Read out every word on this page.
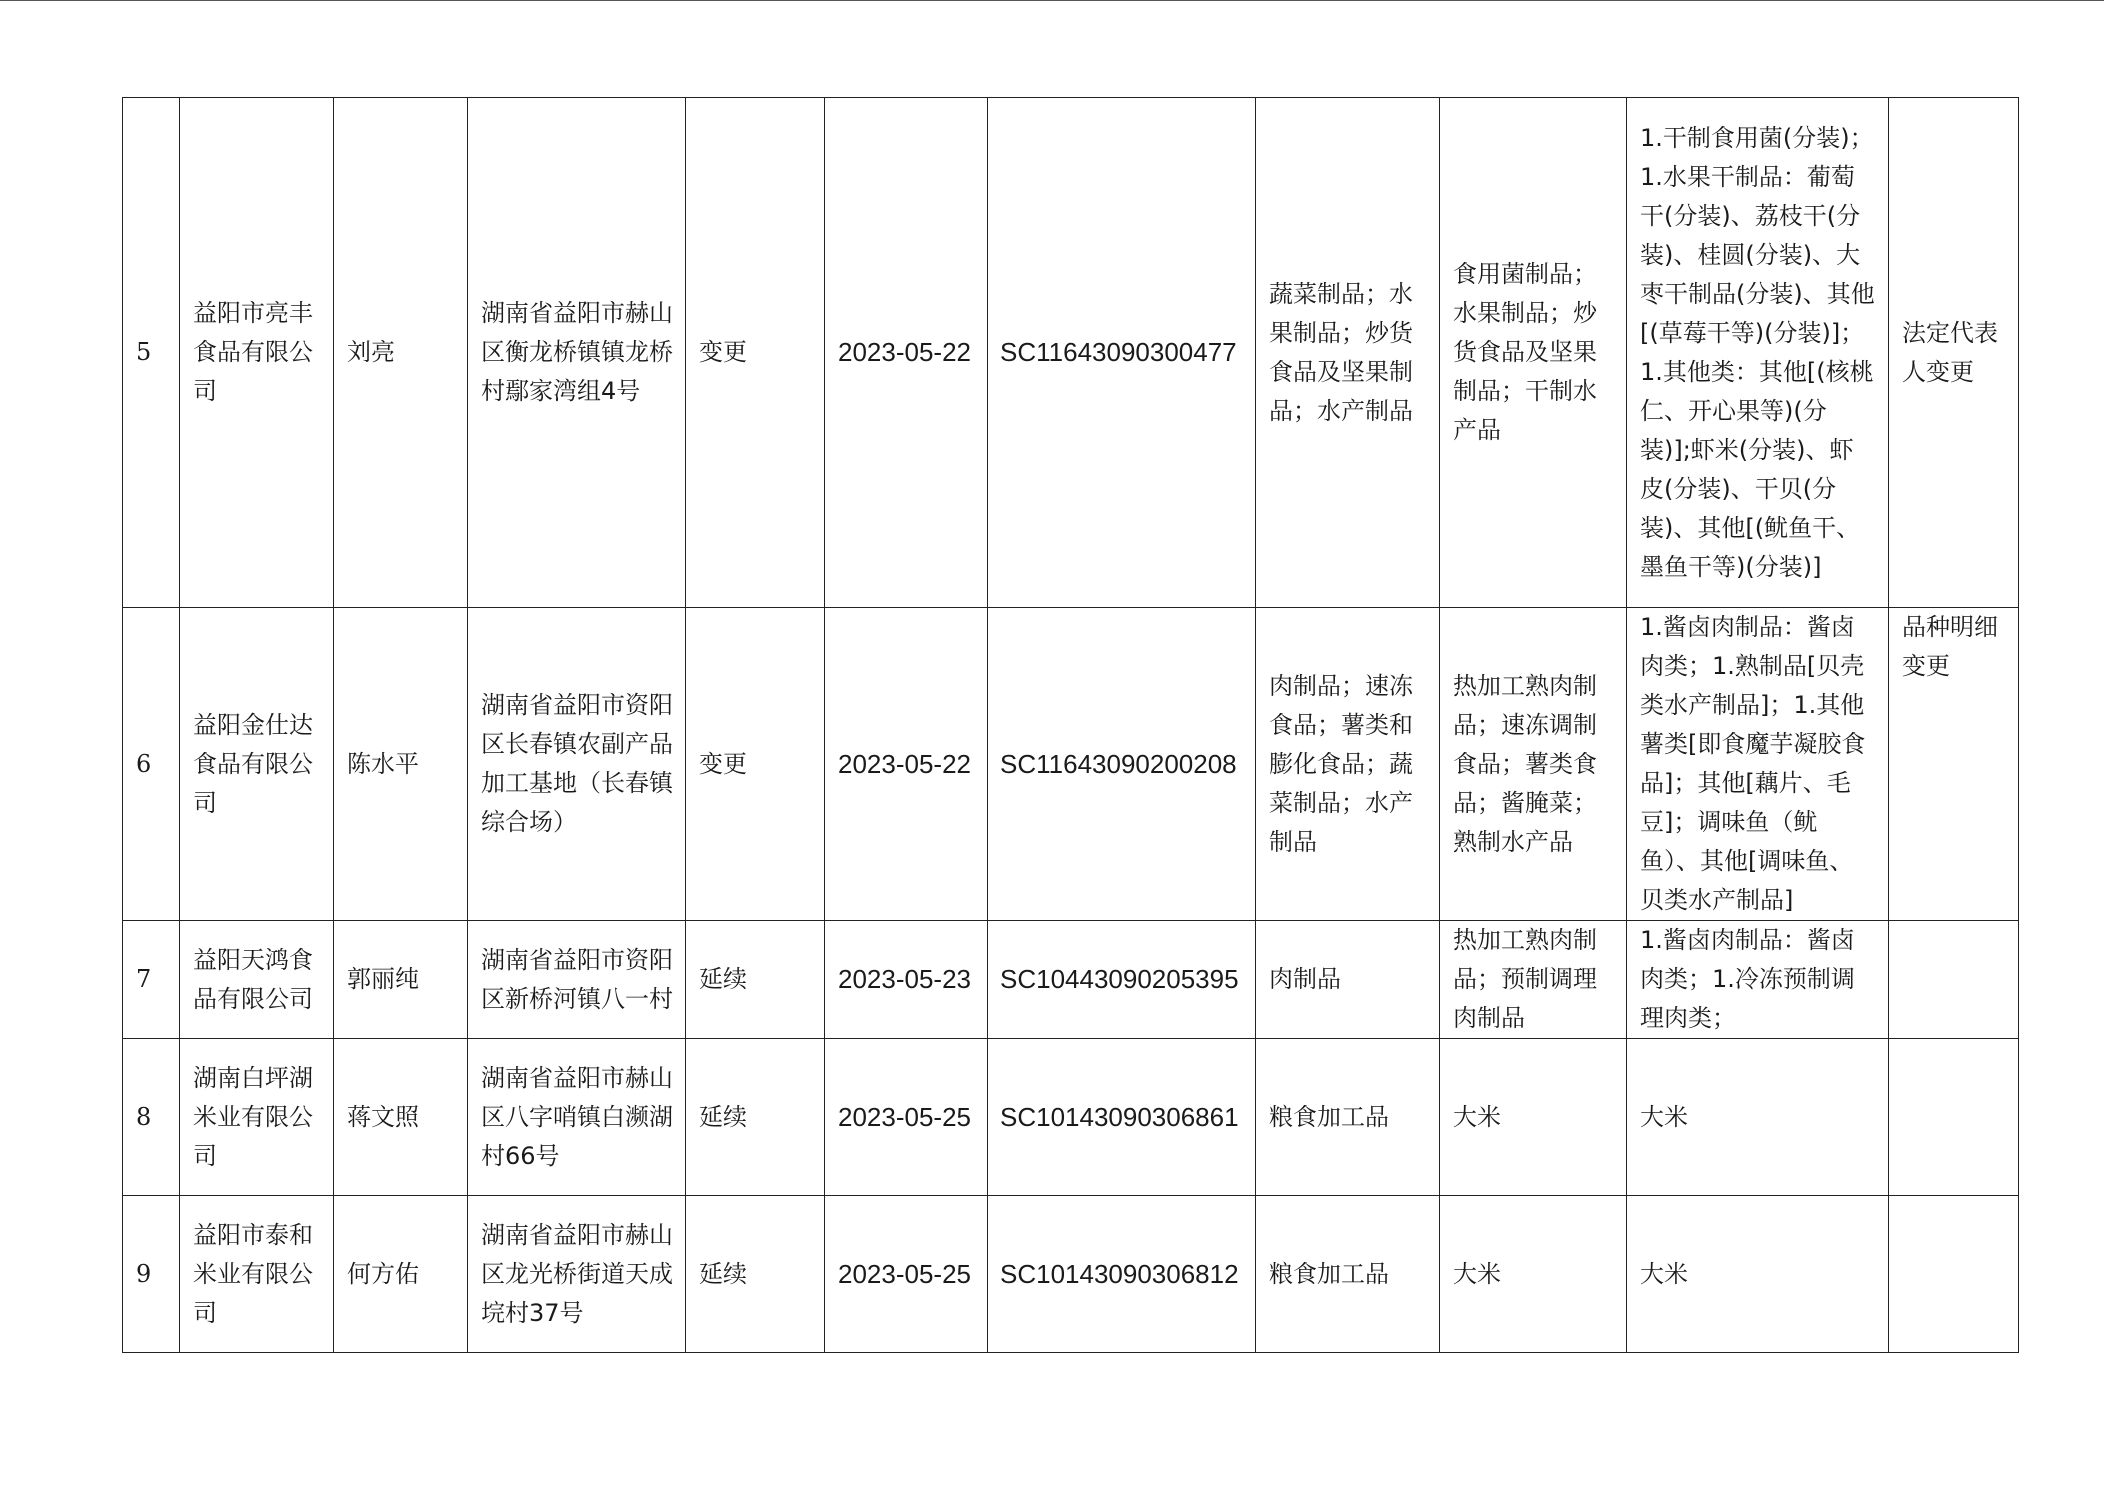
5	益阳市亮丰食品有限公司	刘亮	湖南省益阳市赫山区衡龙桥镇镇龙桥村鄢家湾组4号	变更	2023-05-22	SC11643090300477	蔬菜制品；水果制品；炒货食品及坚果制品；水产制品	食用菌制品；水果制品；炒货食品及坚果制品；干制水产品	1.干制食用菌(分装)；1.水果干制品：葡萄干(分装)、荔枝干(分装)、桂圆(分装)、大枣干制品(分装)、其他[(草莓干等)(分装)]；1.其他类：其他[(核桃仁、开心果等)(分装)];虾米(分装)、虾皮(分装)、干贝(分装)、其他[(鱿鱼干、墨鱼干等)(分装)]	法定代表人变更
6	益阳金仕达食品有限公司	陈水平	湖南省益阳市资阳区长春镇农副产品加工基地（长春镇综合场）	变更	2023-05-22	SC11643090200208	肉制品；速冻食品；薯类和膨化食品；蔬菜制品；水产制品	热加工熟肉制品；速冻调制食品；薯类食品；酱腌菜；熟制水产品	1.酱卤肉制品：酱卤肉类；1.熟制品[贝壳类水产制品]；1.其他薯类[即食魔芋凝胶食品]；其他[藕片、毛豆]；调味鱼（鱿鱼）、其他[调味鱼、贝类水产制品]	品种明细变更
7	益阳天鸿食品有限公司	郭丽纯	湖南省益阳市资阳区新桥河镇八一村	延续	2023-05-23	SC10443090205395	肉制品	热加工熟肉制品；预制调理肉制品	1.酱卤肉制品：酱卤肉类；1.冷冻预制调理肉类；	
8	湖南白坪湖米业有限公司	蒋文照	湖南省益阳市赫山区八字哨镇白濒湖村66号	延续	2023-05-25	SC10143090306861	粮食加工品	大米	大米	
9	益阳市泰和米业有限公司	何方佑	湖南省益阳市赫山区龙光桥街道天成垸村37号	延续	2023-05-25	SC10143090306812	粮食加工品	大米	大米	
